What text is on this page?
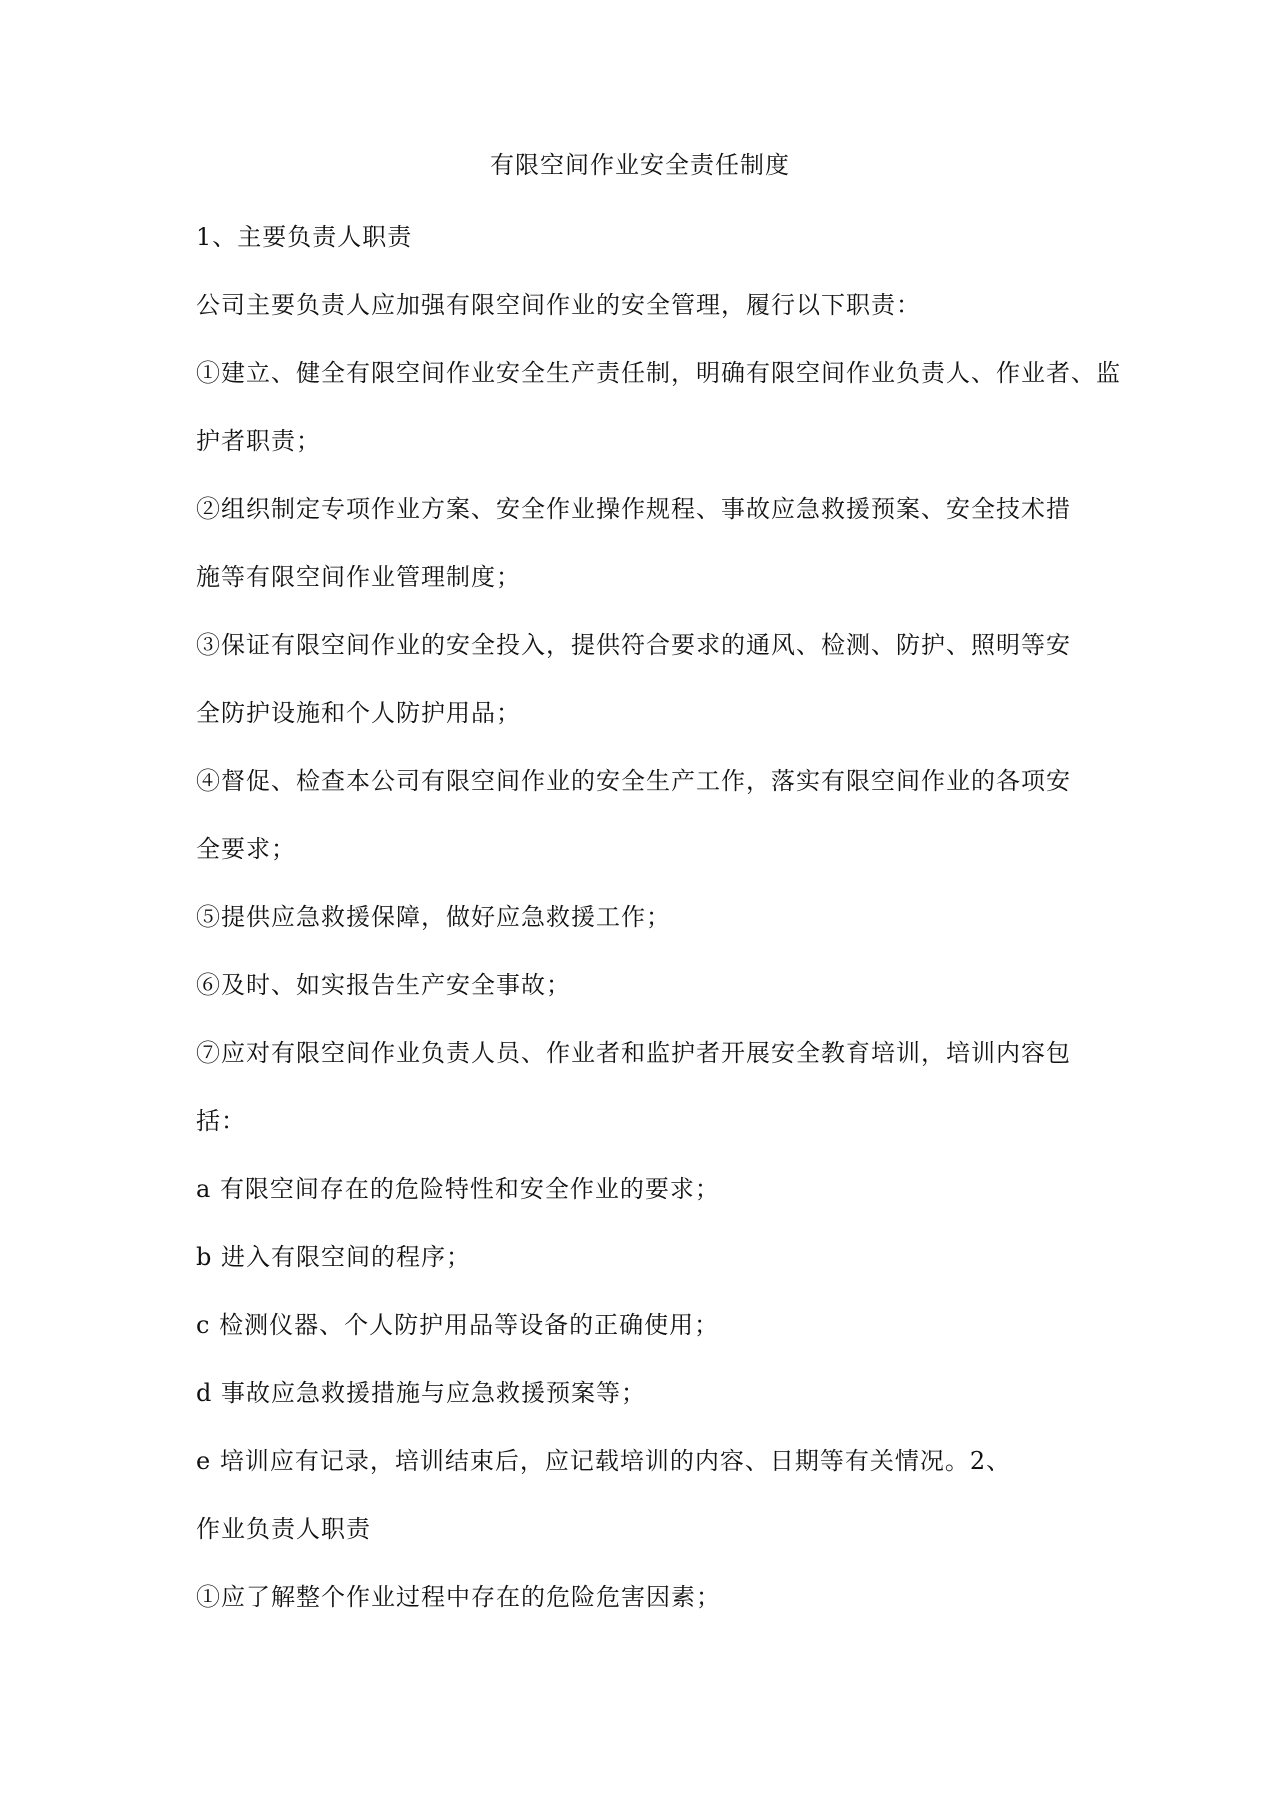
有限空间作业安全责任制度
1、主要负责人职责
公司主要负责人应加强有限空间作业的安全管理，履行以下职责：
①建立、健全有限空间作业安全生产责任制，明确有限空间作业负责人、作业者、监
护者职责；
②组织制定专项作业方案、安全作业操作规程、事故应急救援预案、安全技术措
施等有限空间作业管理制度；
③保证有限空间作业的安全投入，提供符合要求的通风、检测、防护、照明等安
全防护设施和个人防护用品；
④督促、检查本公司有限空间作业的安全生产工作，落实有限空间作业的各项安
全要求；
⑤提供应急救援保障，做好应急救援工作；
⑥及时、如实报告生产安全事故；
⑦应对有限空间作业负责人员、作业者和监护者开展安全教育培训，培训内容包
括：
a 有限空间存在的危险特性和安全作业的要求；
b 进入有限空间的程序；
c 检测仪器、个人防护用品等设备的正确使用；
d 事故应急救援措施与应急救援预案等；
e 培训应有记录，培训结束后，应记载培训的内容、日期等有关情况。2、
作业负责人职责
①应了解整个作业过程中存在的危险危害因素；
